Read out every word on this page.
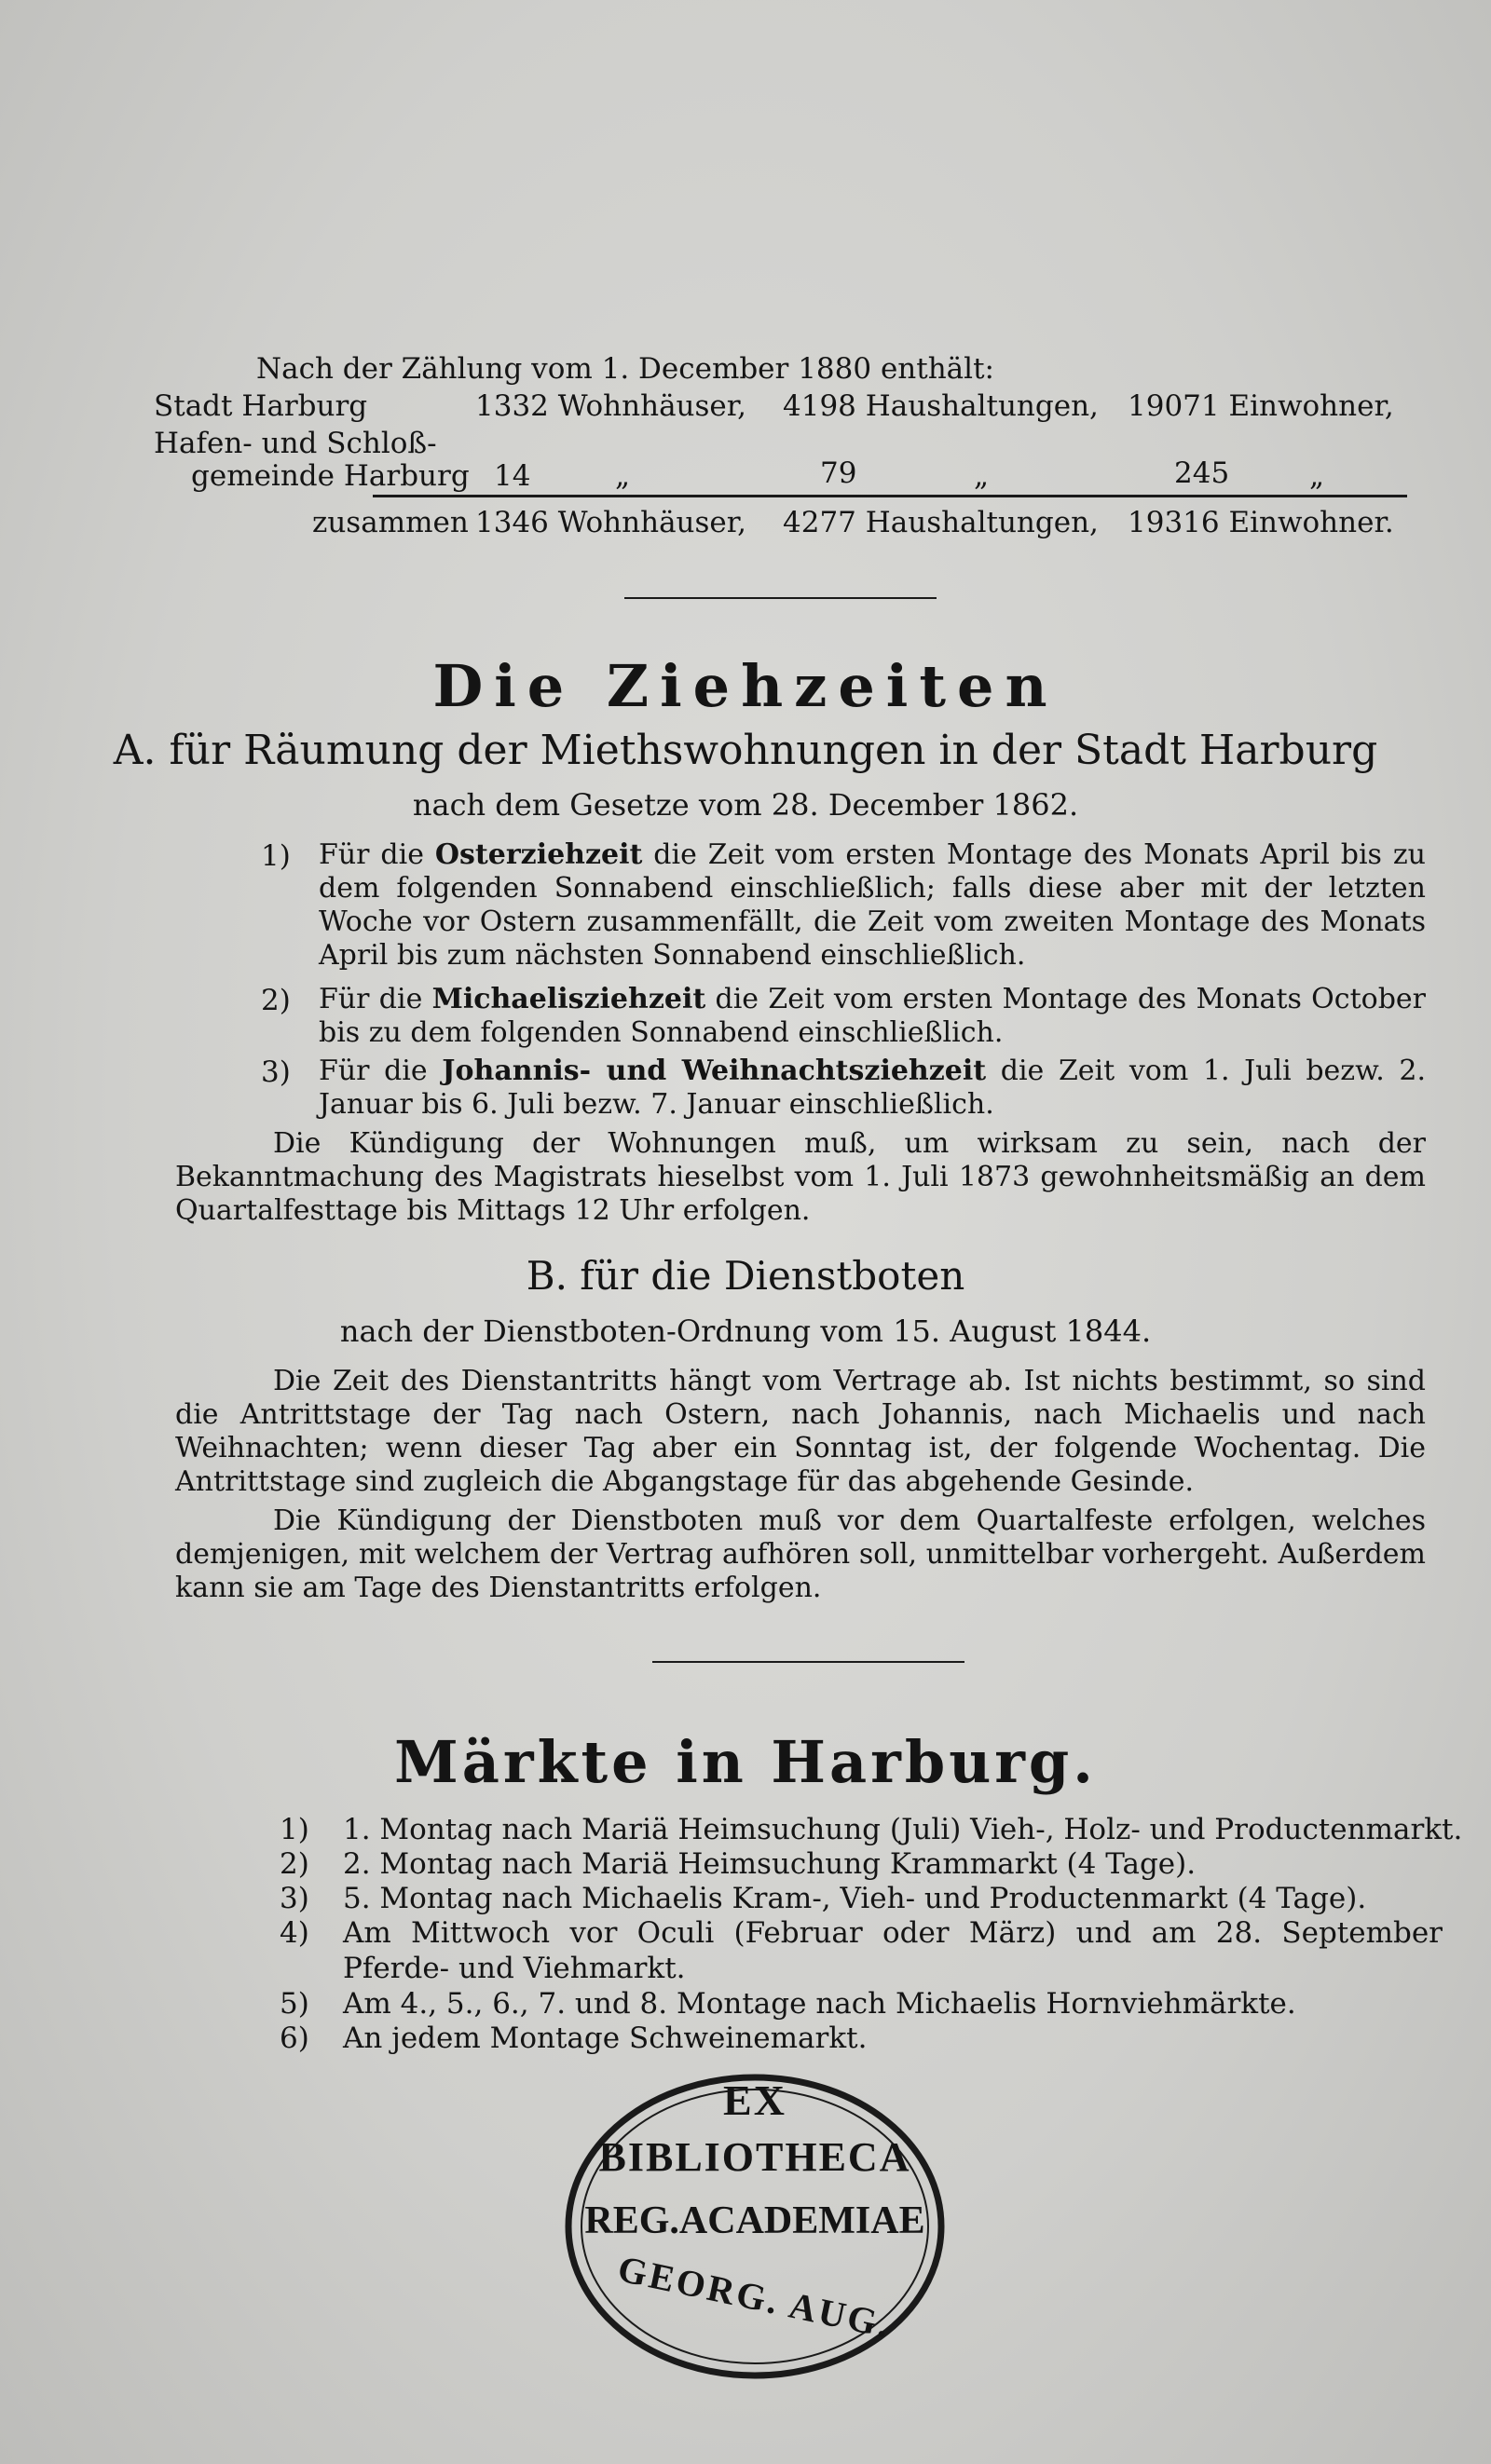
Nach der Zählung vom 1. December 1880 enthält:
Stadt Harburg	1332 Wohnhäuser, 4198 Haushaltungen, 19071 Einwohner,
Hafen- und Schloß-
gemeinde Harburg 14	„	79	„	245	„
zusammen 1346 Wohnhäuser, 4277 Haushaltungen, 19316 Einwohner.
Die Ziehzeiten
A. für Räumung der Miethswohnungen in der Stadt Harburg
nach dem Gesetze vom 28. December 1862.
1) Für die Osterziehzeit die Zeit vom ersten Montage des Monats April bis zu dem folgenden Sonnabend einschließlich; falls diese aber mit der letzten Woche vor Ostern zusammenfällt, die Zeit vom zweiten Montage des Monats April bis zum nächsten Sonnabend einschließlich.
2) Für die Michaelisziehzeit die Zeit vom ersten Montage des Monats October bis zu dem folgenden Sonnabend einschließlich.
3) Für die Johannis- und Weihnachtsziehzeit die Zeit vom 1. Juli bezw. 2. Januar bis 6. Juli bezw. 7. Januar einschließlich.
Die Kündigung der Wohnungen muß, um wirksam zu sein, nach der Bekanntmachung des Magistrats hieselbst vom 1. Juli 1873 gewohnheitsmäßig an dem Quartalfesttage bis Mittags 12 Uhr erfolgen.
B. für die Dienstboten
nach der Dienstboten-Ordnung vom 15. August 1844.
Die Zeit des Dienstantritts hängt vom Vertrage ab. Ist nichts bestimmt, so sind die Antrittstage der Tag nach Ostern, nach Johannis, nach Michaelis und nach Weihnachten; wenn dieser Tag aber ein Sonntag ist, der folgende Wochentag. Die Antrittstage sind zugleich die Abgangstage für das abgehende Gesinde.
Die Kündigung der Dienstboten muß vor dem Quartalfeste erfolgen, welches demjenigen, mit welchem der Vertrag aufhören soll, unmittelbar vorhergeht. Außerdem kann sie am Tage des Dienstantritts erfolgen.
Märkte in Harburg.
1) 1. Montag nach Mariä Heimsuchung (Juli) Vieh-, Holz- und Productenmarkt.
2) 2. Montag nach Mariä Heimsuchung Krammarkt (4 Tage).
3) 5. Montag nach Michaelis Kram-, Vieh- und Productenmarkt (4 Tage).
4) Am Mittwoch vor Oculi (Februar oder März) und am 28. September Pferde- und Viehmarkt.
5) Am 4., 5., 6., 7. und 8. Montage nach Michaelis Hornviehmärkte.
6) An jedem Montage Schweinemarkt.
EX
BIBLIOTHECA
REG.ACADEMIAE
GEORG. AUG.
